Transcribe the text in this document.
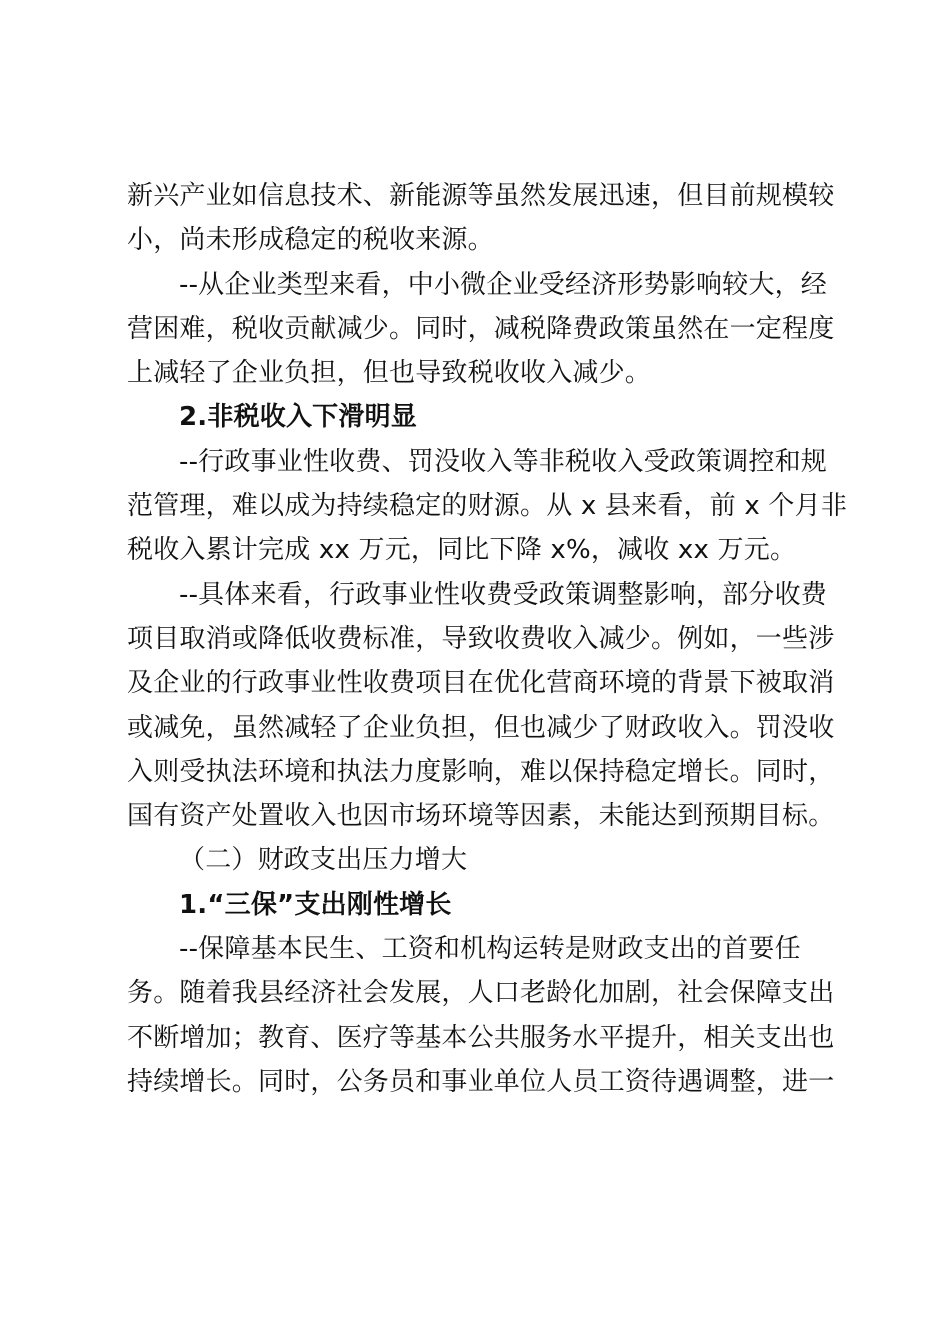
新兴产业如信息技术、新能源等虽然发展迅速，但目前规模较
小，尚未形成稳定的税收来源。
--从企业类型来看，中小微企业受经济形势影响较大，经
营困难，税收贡献减少。同时，减税降费政策虽然在一定程度
上减轻了企业负担，但也导致税收收入减少。
2.非税收入下滑明显
--行政事业性收费、罚没收入等非税收入受政策调控和规
范管理，难以成为持续稳定的财源。从 x 县来看，前 x 个月非
税收入累计完成 xx 万元，同比下降 x%，减收 xx 万元。
--具体来看，行政事业性收费受政策调整影响，部分收费
项目取消或降低收费标准，导致收费收入减少。例如，一些涉
及企业的行政事业性收费项目在优化营商环境的背景下被取消
或减免，虽然减轻了企业负担，但也减少了财政收入。罚没收
入则受执法环境和执法力度影响，难以保持稳定增长。同时，
国有资产处置收入也因市场环境等因素，未能达到预期目标。
（二）财政支出压力增大
1.“三保”支出刚性增长
--保障基本民生、工资和机构运转是财政支出的首要任
务。随着我县经济社会发展，人口老龄化加剧，社会保障支出
不断增加；教育、医疗等基本公共服务水平提升，相关支出也
持续增长。同时，公务员和事业单位人员工资待遇调整，进一
